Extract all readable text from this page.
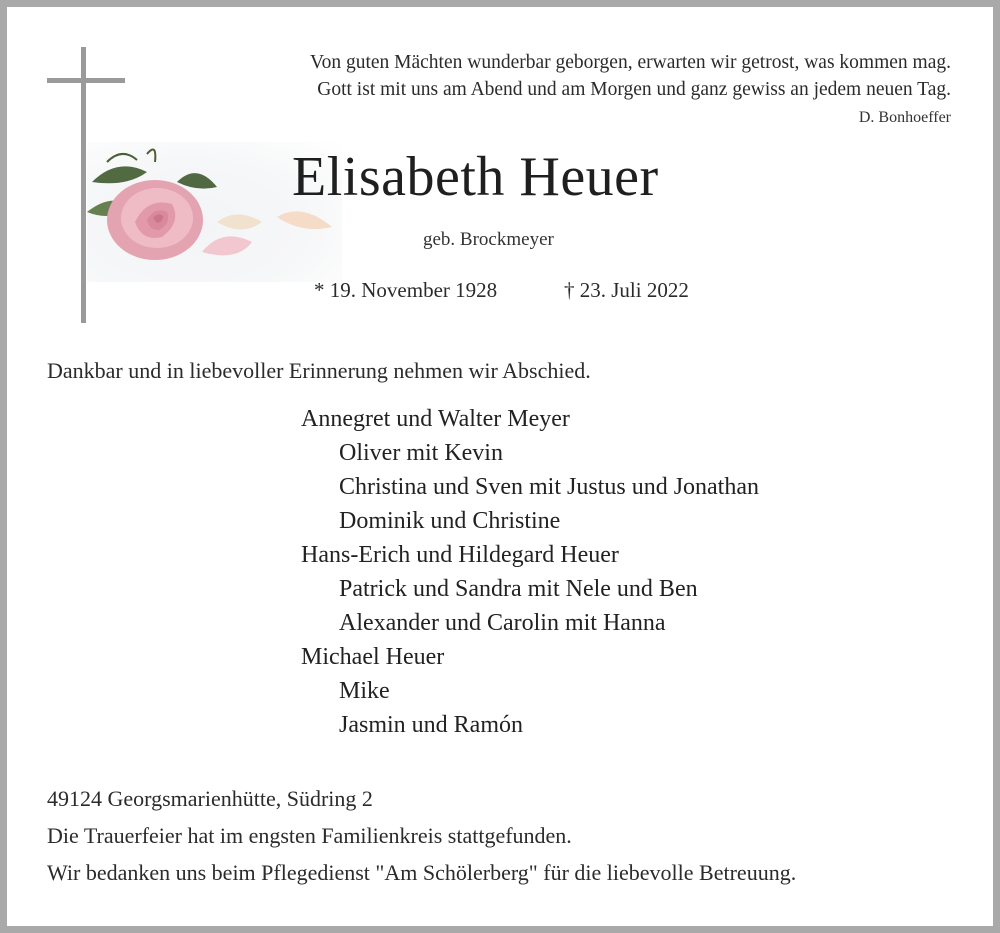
Von guten Mächten wunderbar geborgen, erwarten wir getrost, was kommen mag.
Gott ist mit uns am Abend und am Morgen und ganz gewiss an jedem neuen Tag.
D. Bonhoeffer
Elisabeth Heuer
geb. Brockmeyer
* 19. November 1928	† 23. Juli 2022
Dankbar und in liebevoller Erinnerung nehmen wir Abschied.
Annegret und Walter Meyer
Oliver mit Kevin
Christina und Sven mit Justus und Jonathan
Dominik und Christine
Hans-Erich und Hildegard Heuer
Patrick und Sandra mit Nele und Ben
Alexander und Carolin mit Hanna
Michael Heuer
Mike
Jasmin und Ramón
49124 Georgsmarienhütte, Südring 2
Die Trauerfeier hat im engsten Familienkreis stattgefunden.
Wir bedanken uns beim Pflegedienst "Am Schölerberg" für die liebevolle Betreuung.
